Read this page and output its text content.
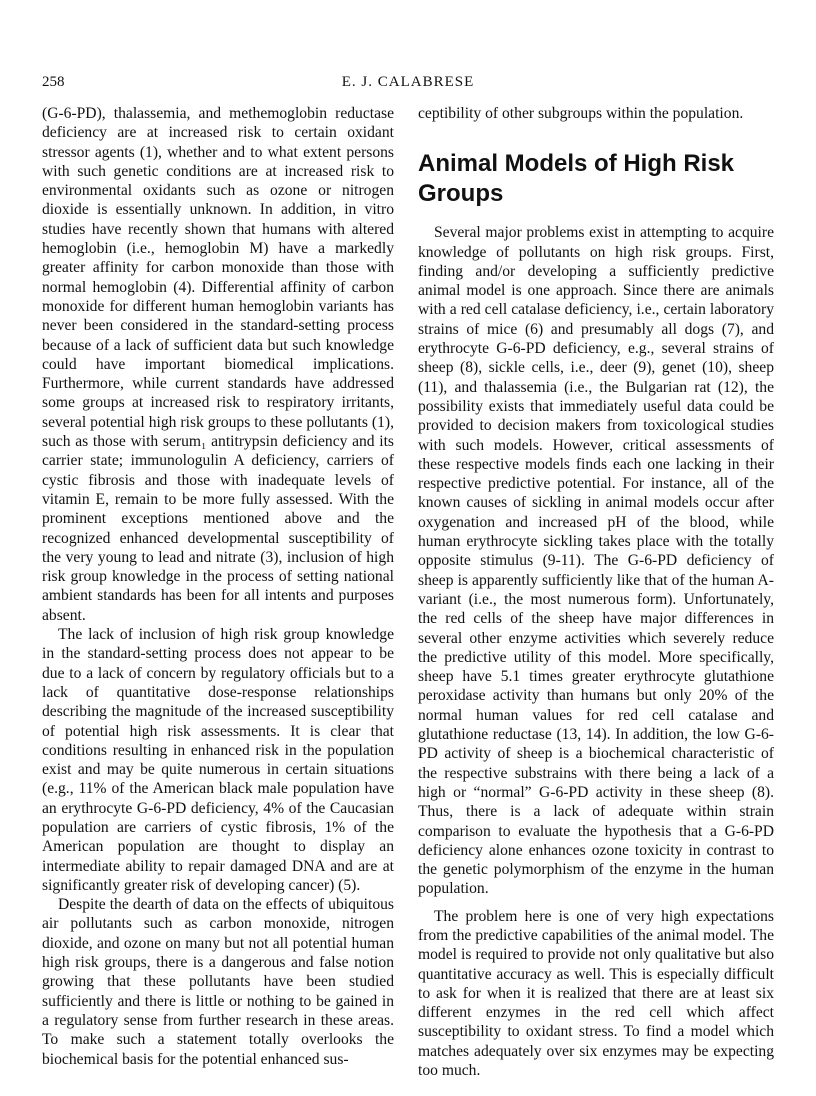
258	E. J. CALABRESE

(G-6-PD), thalassemia, and methemoglobin reductase deficiency are at increased risk to certain oxidant stressor agents (1), whether and to what extent persons with such genetic conditions are at increased risk to environmental oxidants such as ozone or nitrogen dioxide is essentially unknown. In addition, in vitro studies have recently shown that humans with altered hemoglobin (i.e., hemoglobin M) have a markedly greater affinity for carbon monoxide than those with normal hemoglobin (4). Differential affinity of carbon monoxide for different human hemoglobin variants has never been considered in the standard-setting process because of a lack of sufficient data but such knowledge could have important biomedical implications. Furthermore, while current standards have addressed some groups at increased risk to respiratory irritants, several potential high risk groups to these pollutants (1), such as those with serum₁ antitrypsin deficiency and its carrier state; immunologulin A deficiency, carriers of cystic fibrosis and those with inadequate levels of vitamin E, remain to be more fully assessed. With the prominent exceptions mentioned above and the recognized enhanced developmental susceptibility of the very young to lead and nitrate (3), inclusion of high risk group knowledge in the process of setting national ambient standards has been for all intents and purposes absent.

The lack of inclusion of high risk group knowledge in the standard-setting process does not appear to be due to a lack of concern by regulatory officials but to a lack of quantitative dose-response relationships describing the magnitude of the increased susceptibility of potential high risk assessments. It is clear that conditions resulting in enhanced risk in the population exist and may be quite numerous in certain situations (e.g., 11% of the American black male population have an erythrocyte G-6-PD deficiency, 4% of the Caucasian population are carriers of cystic fibrosis, 1% of the American population are thought to display an intermediate ability to repair damaged DNA and are at significantly greater risk of developing cancer) (5).

Despite the dearth of data on the effects of ubiquitous air pollutants such as carbon monoxide, nitrogen dioxide, and ozone on many but not all potential human high risk groups, there is a dangerous and false notion growing that these pollutants have been studied sufficiently and there is little or nothing to be gained in a regulatory sense from further research in these areas. To make such a statement totally overlooks the biochemical basis for the potential enhanced sus-

ceptibility of other subgroups within the population.

Animal Models of High Risk Groups

Several major problems exist in attempting to acquire knowledge of pollutants on high risk groups. First, finding and/or developing a sufficiently predictive animal model is one approach. Since there are animals with a red cell catalase deficiency, i.e., certain laboratory strains of mice (6) and presumably all dogs (7), and erythrocyte G-6-PD deficiency, e.g., several strains of sheep (8), sickle cells, i.e., deer (9), genet (10), sheep (11), and thalassemia (i.e., the Bulgarian rat (12), the possibility exists that immediately useful data could be provided to decision makers from toxicological studies with such models. However, critical assessments of these respective models finds each one lacking in their respective predictive potential. For instance, all of the known causes of sickling in animal models occur after oxygenation and increased pH of the blood, while human erythrocyte sickling takes place with the totally opposite stimulus (9-11). The G-6-PD deficiency of sheep is apparently sufficiently like that of the human A-variant (i.e., the most numerous form). Unfortunately, the red cells of the sheep have major differences in several other enzyme activities which severely reduce the predictive utility of this model. More specifically, sheep have 5.1 times greater erythrocyte glutathione peroxidase activity than humans but only 20% of the normal human values for red cell catalase and glutathione reductase (13, 14). In addition, the low G-6-PD activity of sheep is a biochemical characteristic of the respective substrains with there being a lack of a high or “normal” G-6-PD activity in these sheep (8). Thus, there is a lack of adequate within strain comparison to evaluate the hypothesis that a G-6-PD deficiency alone enhances ozone toxicity in contrast to the genetic polymorphism of the enzyme in the human population.

The problem here is one of very high expectations from the predictive capabilities of the animal model. The model is required to provide not only qualitative but also quantitative accuracy as well. This is especially difficult to ask for when it is realized that there are at least six different enzymes in the red cell which affect susceptibility to oxidant stress. To find a model which matches adequately over six enzymes may be expecting too much.
